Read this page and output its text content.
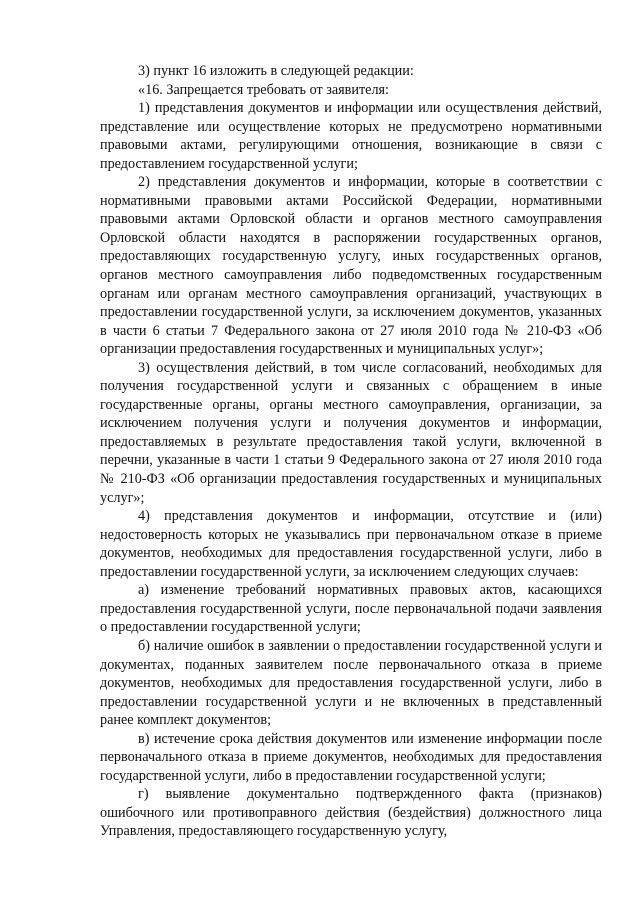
3) пункт 16 изложить в следующей редакции:

«16. Запрещается требовать от заявителя:

1) представления документов и информации или осуществления действий, представление или осуществление которых не предусмотрено нормативными правовыми актами, регулирующими отношения, возникающие в связи с предоставлением государственной услуги;

2) представления документов и информации, которые в соответствии с нормативными правовыми актами Российской Федерации, нормативными правовыми актами Орловской области и органов местного самоуправления Орловской области находятся в распоряжении государственных органов, предоставляющих государственную услугу, иных государственных органов, органов местного самоуправления либо подведомственных государственным органам или органам местного самоуправления организаций, участвующих в предоставлении государственной услуги, за исключением документов, указанных в части 6 статьи 7 Федерального закона от 27 июля 2010 года № 210-ФЗ «Об организации предоставления государственных и муниципальных услуг»;

3) осуществления действий, в том числе согласований, необходимых для получения государственной услуги и связанных с обращением в иные государственные органы, органы местного самоуправления, организации, за исключением получения услуги и получения документов и информации, предоставляемых в результате предоставления такой услуги, включенной в перечни, указанные в части 1 статьи 9 Федерального закона от 27 июля 2010 года № 210-ФЗ «Об организации предоставления государственных и муниципальных услуг»;

4) представления документов и информации, отсутствие и (или) недостоверность которых не указывались при первоначальном отказе в приеме документов, необходимых для предоставления государственной услуги, либо в предоставлении государственной услуги, за исключением следующих случаев:

а) изменение требований нормативных правовых актов, касающихся предоставления государственной услуги, после первоначальной подачи заявления о предоставлении государственной услуги;

б) наличие ошибок в заявлении о предоставлении государственной услуги и документах, поданных заявителем после первоначального отказа в приеме документов, необходимых для предоставления государственной услуги, либо в предоставлении государственной услуги и не включенных в представленный ранее комплект документов;

в) истечение срока действия документов или изменение информации после первоначального отказа в приеме документов, необходимых для предоставления государственной услуги, либо в предоставлении государственной услуги;

г) выявление документально подтвержденного факта (признаков) ошибочного или противоправного действия (бездействия) должностного лица Управления, предоставляющего государственную услугу,
